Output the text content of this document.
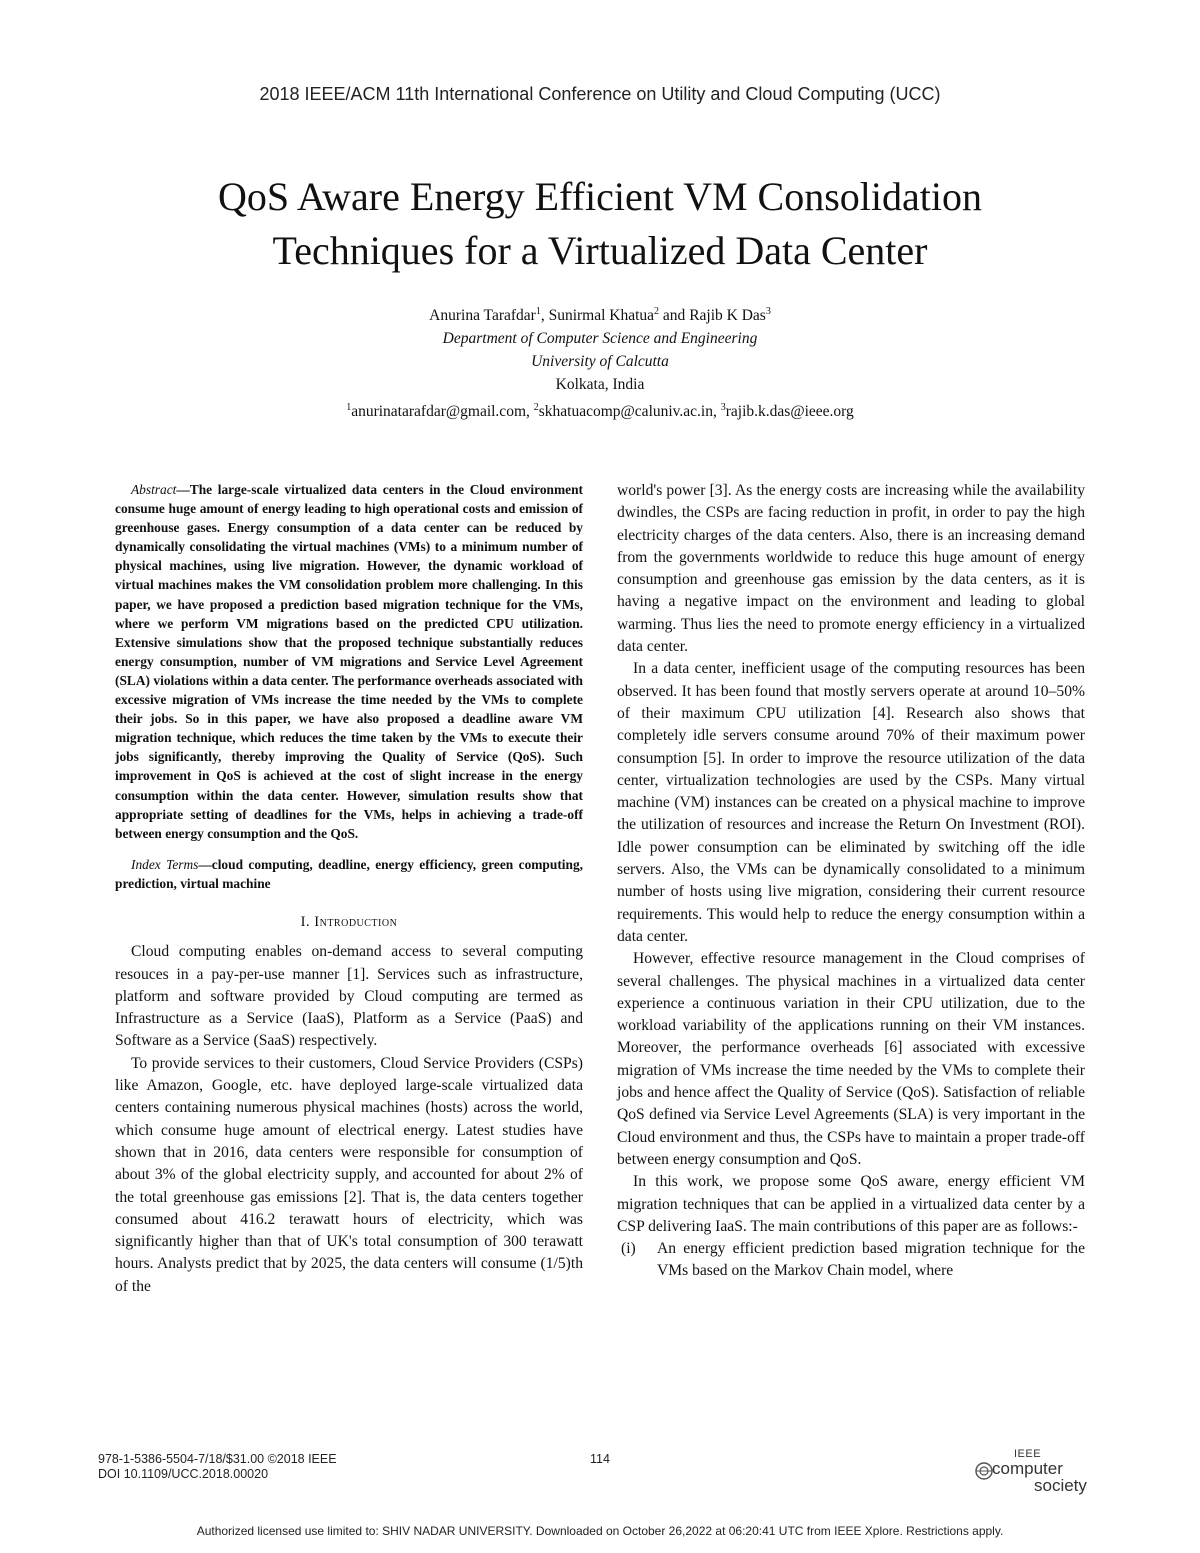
2018 IEEE/ACM 11th International Conference on Utility and Cloud Computing (UCC)
QoS Aware Energy Efficient VM Consolidation
Techniques for a Virtualized Data Center
Anurina Tarafdar$^1$, Sunirmal Khatua$^2$ and Rajib K Das$^3$
Department of Computer Science and Engineering
University of Calcutta
Kolkata, India
$^1$anurinatarafdar@gmail.com, $^2$skhatuacomp@caluniv.ac.in, $^3$rajib.k.das@ieee.org

Abstract—The large-scale virtualized data centers in the Cloud environment consume huge amount of energy leading to high operational costs and emission of greenhouse gases. Energy consumption of a data center can be reduced by dynamically consolidating the virtual machines (VMs) to a minimum number of physical machines, using live migration. However, the dynamic workload of virtual machines makes the VM consolidation problem more challenging. In this paper, we have proposed a prediction based migration technique for the VMs, where we perform VM migrations based on the predicted CPU utilization. Extensive simulations show that the proposed technique substantially reduces energy consumption, number of VM migrations and Service Level Agreement (SLA) violations within a data center. The performance overheads associated with excessive migration of VMs increase the time needed by the VMs to complete their jobs. So in this paper, we have also proposed a deadline aware VM migration technique, which reduces the time taken by the VMs to execute their jobs significantly, thereby improving the Quality of Service (QoS). Such improvement in QoS is achieved at the cost of slight increase in the energy consumption within the data center. However, simulation results show that appropriate setting of deadlines for the VMs, helps in achieving a trade-off between energy consumption and the QoS.

Index Terms—cloud computing, deadline, energy efficiency, green computing, prediction, virtual machine

I. Introduction

Cloud computing enables on-demand access to several computing resouces in a pay-per-use manner [1]. Services such as infrastructure, platform and software provided by Cloud computing are termed as Infrastructure as a Service (IaaS), Platform as a Service (PaaS) and Software as a Service (SaaS) respectively.

To provide services to their customers, Cloud Service Providers (CSPs) like Amazon, Google, etc. have deployed large-scale virtualized data centers containing numerous physical machines (hosts) across the world, which consume huge amount of electrical energy. Latest studies have shown that in 2016, data centers were responsible for consumption of about 3% of the global electricity supply, and accounted for about 2% of the total greenhouse gas emissions [2]. That is, the data centers together consumed about 416.2 terawatt hours of electricity, which was significantly higher than that of UK's total consumption of 300 terawatt hours. Analysts predict that by 2025, the data centers will consume (1/5)th of the

world's power [3]. As the energy costs are increasing while the availability dwindles, the CSPs are facing reduction in profit, in order to pay the high electricity charges of the data centers. Also, there is an increasing demand from the governments worldwide to reduce this huge amount of energy consumption and greenhouse gas emission by the data centers, as it is having a negative impact on the environment and leading to global warming. Thus lies the need to promote energy efficiency in a virtualized data center.

In a data center, inefficient usage of the computing resources has been observed. It has been found that mostly servers operate at around 10–50% of their maximum CPU utilization [4]. Research also shows that completely idle servers consume around 70% of their maximum power consumption [5]. In order to improve the resource utilization of the data center, virtualization technologies are used by the CSPs. Many virtual machine (VM) instances can be created on a physical machine to improve the utilization of resources and increase the Return On Investment (ROI). Idle power consumption can be eliminated by switching off the idle servers. Also, the VMs can be dynamically consolidated to a minimum number of hosts using live migration, considering their current resource requirements. This would help to reduce the energy consumption within a data center.

However, effective resource management in the Cloud comprises of several challenges. The physical machines in a virtualized data center experience a continuous variation in their CPU utilization, due to the workload variability of the applications running on their VM instances. Moreover, the performance overheads [6] associated with excessive migration of VMs increase the time needed by the VMs to complete their jobs and hence affect the Quality of Service (QoS). Satisfaction of reliable QoS defined via Service Level Agreements (SLA) is very important in the Cloud environment and thus, the CSPs have to maintain a proper trade-off between energy consumption and QoS.

In this work, we propose some QoS aware, energy efficient VM migration techniques that can be applied in a virtualized data center by a CSP delivering IaaS. The main contributions of this paper are as follows:-

(i) An energy efficient prediction based migration technique for the VMs based on the Markov Chain model, where
978-1-5386-5504-7/18/$31.00 ©2018 IEEE
DOI 10.1109/UCC.2018.00020
114	IEEE
computer
society
Authorized licensed use limited to: SHIV NADAR UNIVERSITY. Downloaded on October 26,2022 at 06:20:41 UTC from IEEE Xplore. Restrictions apply.
